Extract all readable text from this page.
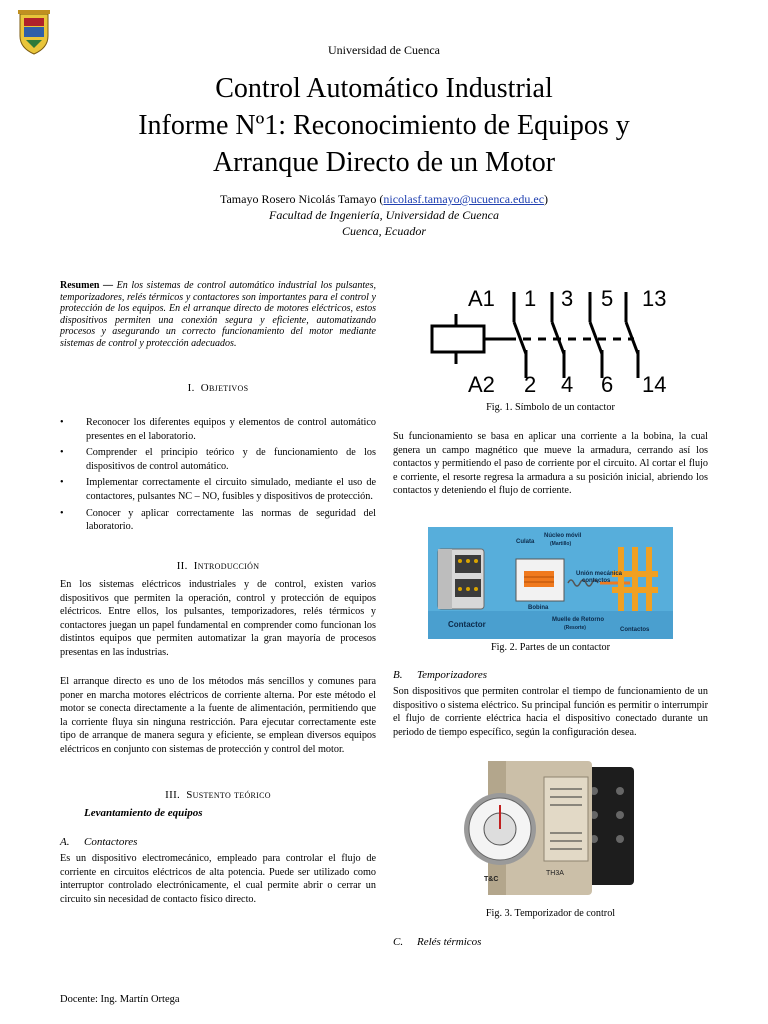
Universidad de Cuenca
Control Automático Industrial
Informe Nº1: Reconocimiento de Equipos y
Arranque Directo de un Motor
Tamayo Rosero Nicolás Tamayo (nicolasf.tamayo@ucuenca.edu.ec)
Facultad de Ingeniería, Universidad de Cuenca
Cuenca, Ecuador
Resumen — En los sistemas de control automático industrial los pulsantes, temporizadores, relés térmicos y contactores son importantes para el control y protección de los equipos. En el arranque directo de motores eléctricos, estos dispositivos permiten una conexión segura y eficiente, automatizando procesos y asegurando un correcto funcionamiento del motor mediante sistemas de control y protección adecuados.
I. Objetivos
• Reconocer los diferentes equipos y elementos de control automático presentes en el laboratorio.
• Comprender el principio teórico y de funcionamiento de los dispositivos de control automático.
• Implementar correctamente el circuito simulado, mediante el uso de contactores, pulsantes NC – NO, fusibles y dispositivos de protección.
• Conocer y aplicar correctamente las normas de seguridad del laboratorio.
II. Introducción

En los sistemas eléctricos industriales y de control, existen varios dispositivos que permiten la operación, control y protección de equipos eléctricos. Entre ellos, los pulsantes, temporizadores, relés térmicos y contactores juegan un papel fundamental en comprender como funcionan los distintos equipos que permiten automatizar la gran mayoría de procesos presentas en las industrias.

El arranque directo es uno de los métodos más sencillos y comunes para poner en marcha motores eléctricos de corriente alterna. Por este método el motor se conecta directamente a la fuente de alimentación, permitiendo que la corriente fluya sin ninguna restricción. Para ejecutar correctamente este tipo de arranque de manera segura y eficiente, se emplean diversos equipos eléctricos en conjunto con sistemas de protección y control del motor.

III. Sustento teórico
Levantamiento de equipos
A. Contactores

Es un dispositivo electromecánico, empleado para controlar el flujo de corriente en circuitos eléctricos de alta potencia. Puede ser utilizado como interruptor controlado electrónicamente, el cual permite abrir o cerrar un circuito sin necesidad de contacto físico directo.

A1 1 3 5 13
A2 2 4 6 14
Fig. 1. Símbolo de un contactor

Su funcionamiento se basa en aplicar una corriente a la bobina, la cual genera un campo magnético que mueve la armadura, cerrando así los contactos y permitiendo el paso de corriente por el circuito. Al cortar el flujo e corriente, el resorte regresa la armadura a su posición inicial, abriendo los contactos y deteniendo el flujo de corriente.

Culata
Núcleo móvil
(Martillo)
Unión mecánica
contactos
Bobina
Muelle de Retorno
(Resorte)	Contactos
Contactor
Fig. 2. Partes de un contactor
B. Temporizadores

Son dispositivos que permiten controlar el tiempo de funcionamiento de un dispositivo o sistema eléctrico. Su principal función es permitir o interrumpir el flujo de corriente eléctrica hacia el dispositivo conectado durante un periodo de tiempo específico, según la configuración desea.

T&C
TH3A
Fig. 3. Temporizador de control
C. Relés térmicos
Docente: Ing. Martín Ortega
